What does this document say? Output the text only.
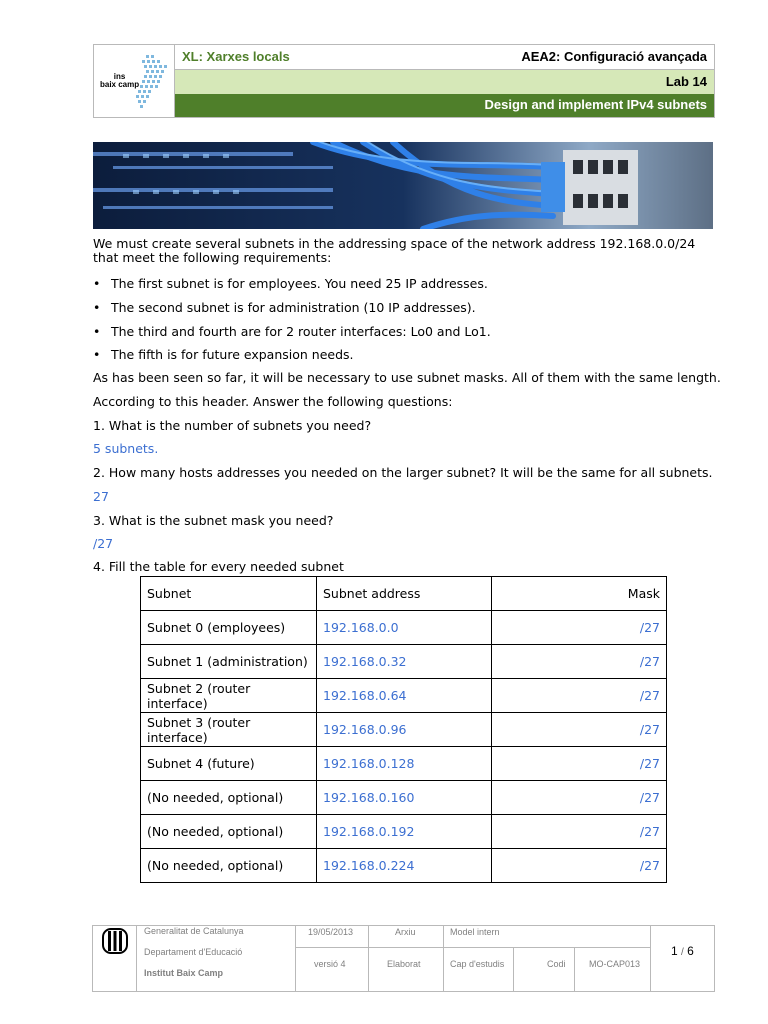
ins
baix camp
XL: Xarxes locals	AEA2: Configuració avançada
Lab 14
Design and implement IPv4 subnets
We must create several subnets in the addressing space of the network address 192.168.0.0/24 that meet the following requirements:
• The first subnet is for employees. You need 25 IP addresses.
• The second subnet is for administration (10 IP addresses).
• The third and fourth are for 2 router interfaces: Lo0 and Lo1.
• The fifth is for future expansion needs.
As has been seen so far, it will be necessary to use subnet masks. All of them with the same length.
According to this header. Answer the following questions:
1. What is the number of subnets you need?
5 subnets.
2. How many hosts addresses you needed on the larger subnet? It will be the same for all subnets.
27
3. What is the subnet mask you need?
/27
4. Fill the table for every needed subnet
Subnet	Subnet address	Mask
Subnet 0 (employees)	192.168.0.0	/27
Subnet 1 (administration)	192.168.0.32	/27
Subnet 2 (router interface)	192.168.0.64	/27
Subnet 3 (router interface)	192.168.0.96	/27
Subnet 4 (future)	192.168.0.128	/27
(No needed, optional)	192.168.0.160	/27
(No needed, optional)	192.168.0.192	/27
(No needed, optional)	192.168.0.224	/27
Generalitat de Catalunya
Departament d'Educació
Institut Baix Camp
19/05/2013
versió 4
Arxiu
Elaborat
Model intern
Cap d'estudis	Codi	MO-CAP013
1 / 6
